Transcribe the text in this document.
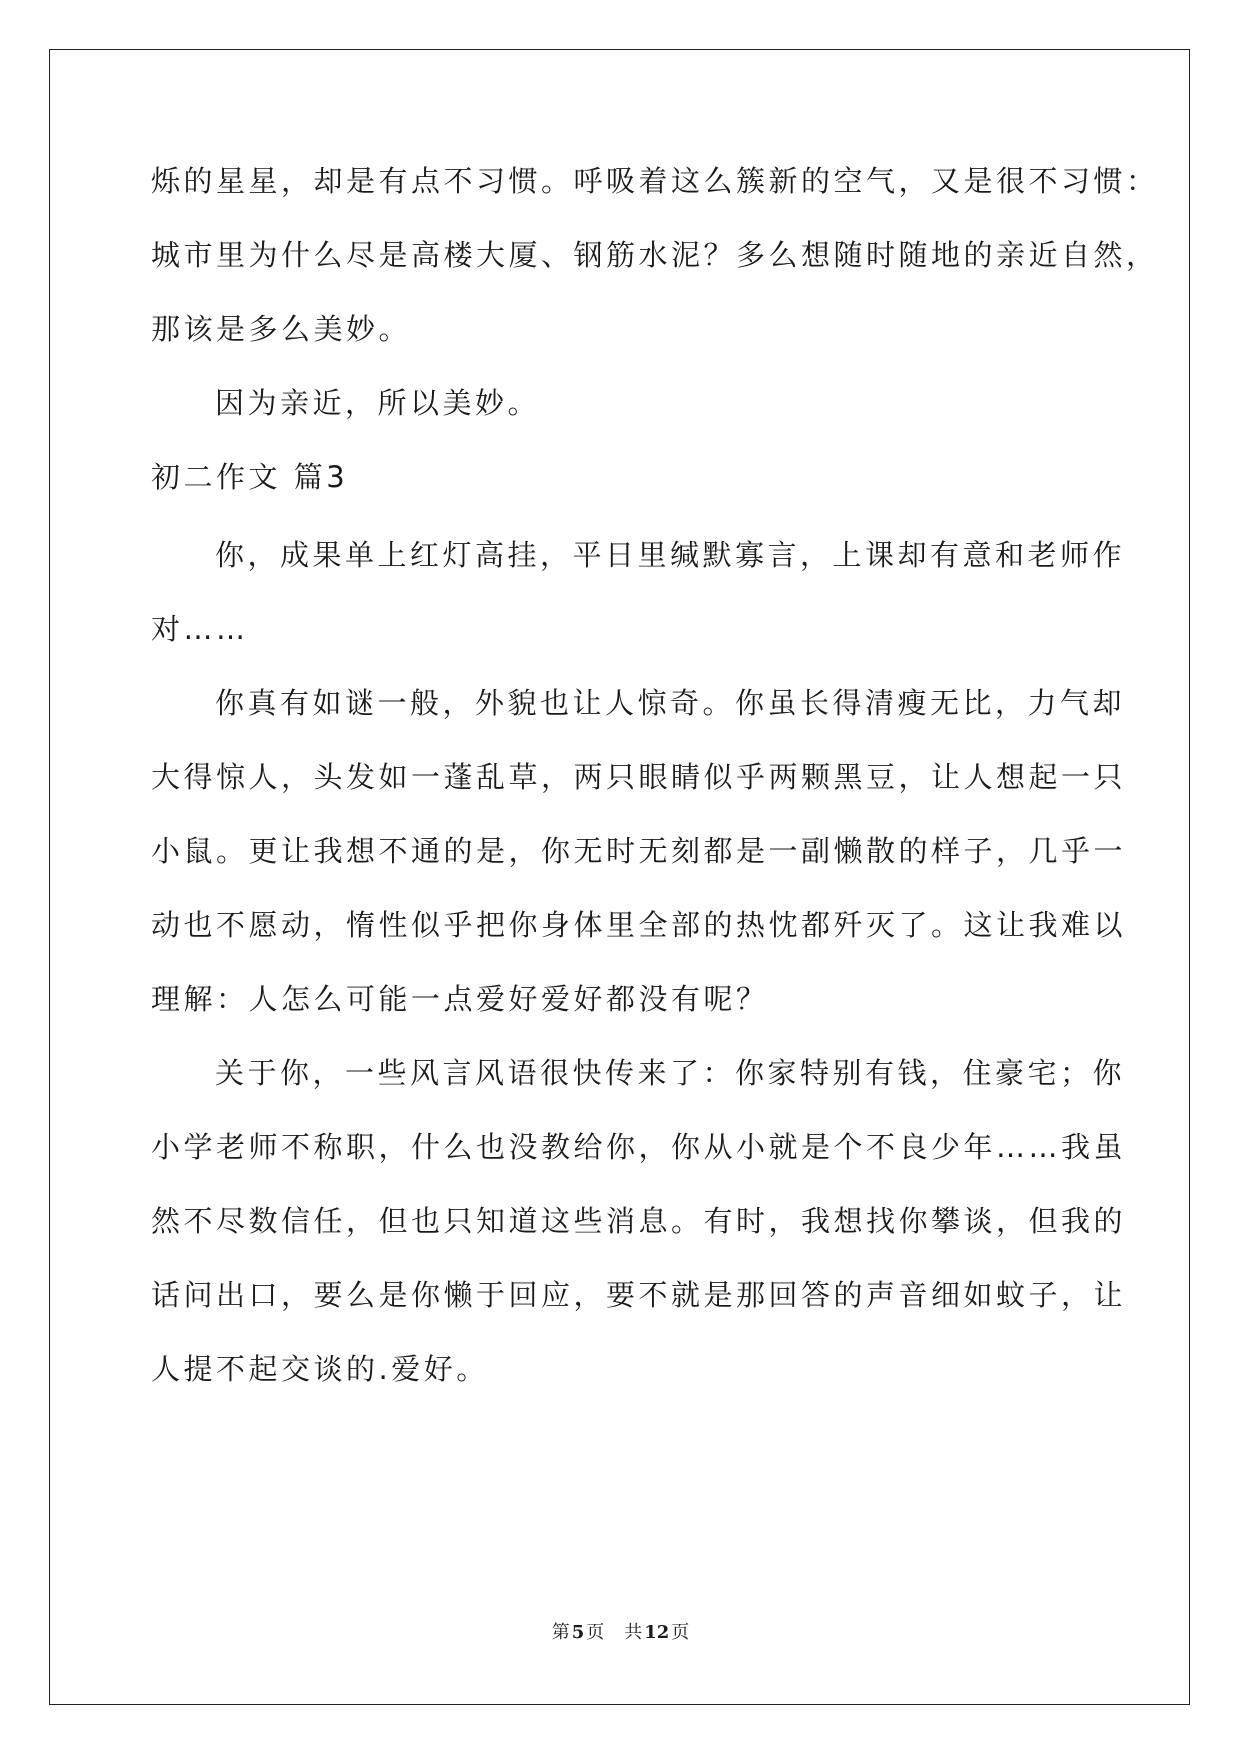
烁的星星，却是有点不习惯。呼吸着这么簇新的空气，又是很不习惯：
城市里为什么尽是高楼大厦、钢筋水泥？多么想随时随地的亲近自然，
那该是多么美妙。
因为亲近，所以美妙。
初二作文 篇3
你，成果单上红灯高挂，平日里缄默寡言，上课却有意和老师作
对……
你真有如谜一般，外貌也让人惊奇。你虽长得清瘦无比，力气却
大得惊人，头发如一蓬乱草，两只眼睛似乎两颗黑豆，让人想起一只
小鼠。更让我想不通的是，你无时无刻都是一副懒散的样子，几乎一
动也不愿动，惰性似乎把你身体里全部的热忱都歼灭了。这让我难以
理解：人怎么可能一点爱好爱好都没有呢？
关于你，一些风言风语很快传来了：你家特别有钱，住豪宅；你
小学老师不称职，什么也没教给你，你从小就是个不良少年……我虽
然不尽数信任，但也只知道这些消息。有时，我想找你攀谈，但我的
话问出口，要么是你懒于回应，要不就是那回答的声音细如蚊子，让
人提不起交谈的.爱好。
第 5 页 共 12 页
